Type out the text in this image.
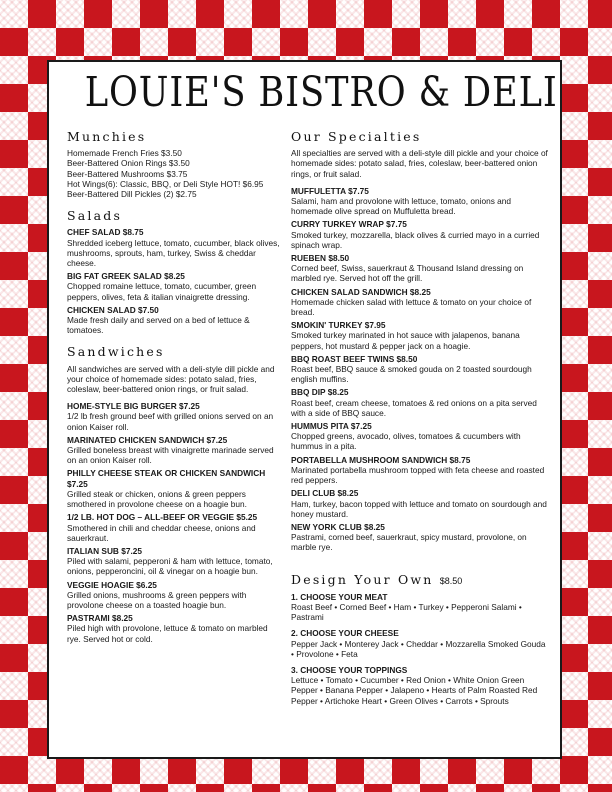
LOUIE'S BISTRO & DELI
Munchies
Homemade French Fries $3.50
Beer-Battered Onion Rings $3.50
Beer-Battered Mushrooms $3.75
Hot Wings(6): Classic, BBQ, or Deli Style HOT! $6.95
Beer-Battered Dill Pickles (2) $2.75
Salads
CHEF SALAD $8.75
Shredded iceberg lettuce, tomato, cucumber, black olives, mushrooms, sprouts, ham, turkey, Swiss & cheddar cheese.
BIG FAT GREEK SALAD $8.25
Chopped romaine lettuce, tomato, cucumber, green peppers, olives, feta & italian vinaigrette dressing.
CHICKEN SALAD $7.50
Made fresh daily and served on a bed of lettuce & tomatoes.
Sandwiches
All sandwiches are served with a deli-style dill pickle and your choice of homemade sides: potato salad, fries, coleslaw, beer-battered onion rings, or fruit salad.
HOME-STYLE BIG BURGER $7.25
1/2 lb fresh ground beef with grilled onions served on an onion Kaiser roll.
MARINATED CHICKEN SANDWICH $7.25
Grilled boneless breast with vinaigrette marinade served on an onion Kaiser roll.
PHILLY CHEESE STEAK OR CHICKEN SANDWICH $7.25
Grilled steak or chicken, onions & green peppers smothered in provolone cheese on a hoagie bun.
1/2 LB. HOT DOG – ALL-BEEF OR VEGGIE $5.25
Smothered in chili and cheddar cheese, onions and sauerkraut.
ITALIAN SUB $7.25
Piled with salami, pepperoni & ham with lettuce, tomato, onions, pepperoncini, oil & vinegar on a hoagie bun.
VEGGIE HOAGIE $6.25
Grilled onions, mushrooms & green peppers with provolone cheese on a toasted hoagie bun.
PASTRAMI $8.25
Piled high with provolone, lettuce & tomato on marbled rye. Served hot or cold.
Our Specialties
All specialties are served with a deli-style dill pickle and your choice of homemade sides: potato salad, fries, coleslaw, beer-battered onion rings, or fruit salad.
MUFFULETTA $7.75
Salami, ham and provolone with lettuce, tomato, onions and homemade olive spread on Muffuletta bread.
CURRY TURKEY WRAP $7.75
Smoked turkey, mozzarella, black olives & curried mayo in a curried spinach wrap.
RUEBEN $8.50
Corned beef, Swiss, sauerkraut & Thousand Island dressing on marbled rye. Served hot off the grill.
CHICKEN SALAD SANDWICH $8.25
Homemade chicken salad with lettuce & tomato on your choice of bread.
SMOKIN' TURKEY $7.95
Smoked turkey marinated in hot sauce with jalapenos, banana peppers, hot mustard & pepper jack on a hoagie.
BBQ ROAST BEEF TWINS $8.50
Roast beef, BBQ sauce & smoked gouda on 2 toasted sourdough english muffins.
BBQ DIP $8.25
Roast beef, cream cheese, tomatoes & red onions on a pita served with a side of BBQ sauce.
HUMMUS PITA $7.25
Chopped greens, avocado, olives, tomatoes & cucumbers with hummus in a pita.
PORTABELLA MUSHROOM SANDWICH $8.75
Marinated portabella mushroom topped with feta cheese and roasted red peppers.
DELI CLUB $8.25
Ham, turkey, bacon topped with lettuce and tomato on sourdough and honey mustard.
NEW YORK CLUB $8.25
Pastrami, corned beef, sauerkraut, spicy mustard, provolone, on marble rye.
Design Your Own $8.50
1. CHOOSE YOUR MEAT
Roast Beef • Corned Beef • Ham • Turkey • Pepperoni Salami • Pastrami
2. CHOOSE YOUR CHEESE
Pepper Jack • Monterey Jack • Cheddar • Mozzarella Smoked Gouda • Provolone • Feta
3. CHOOSE YOUR TOPPINGS
Lettuce • Tomato • Cucumber • Red Onion • White Onion Green Pepper • Banana Pepper • Jalapeno • Hearts of Palm Roasted Red Pepper • Artichoke Heart • Green Olives • Carrots • Sprouts
